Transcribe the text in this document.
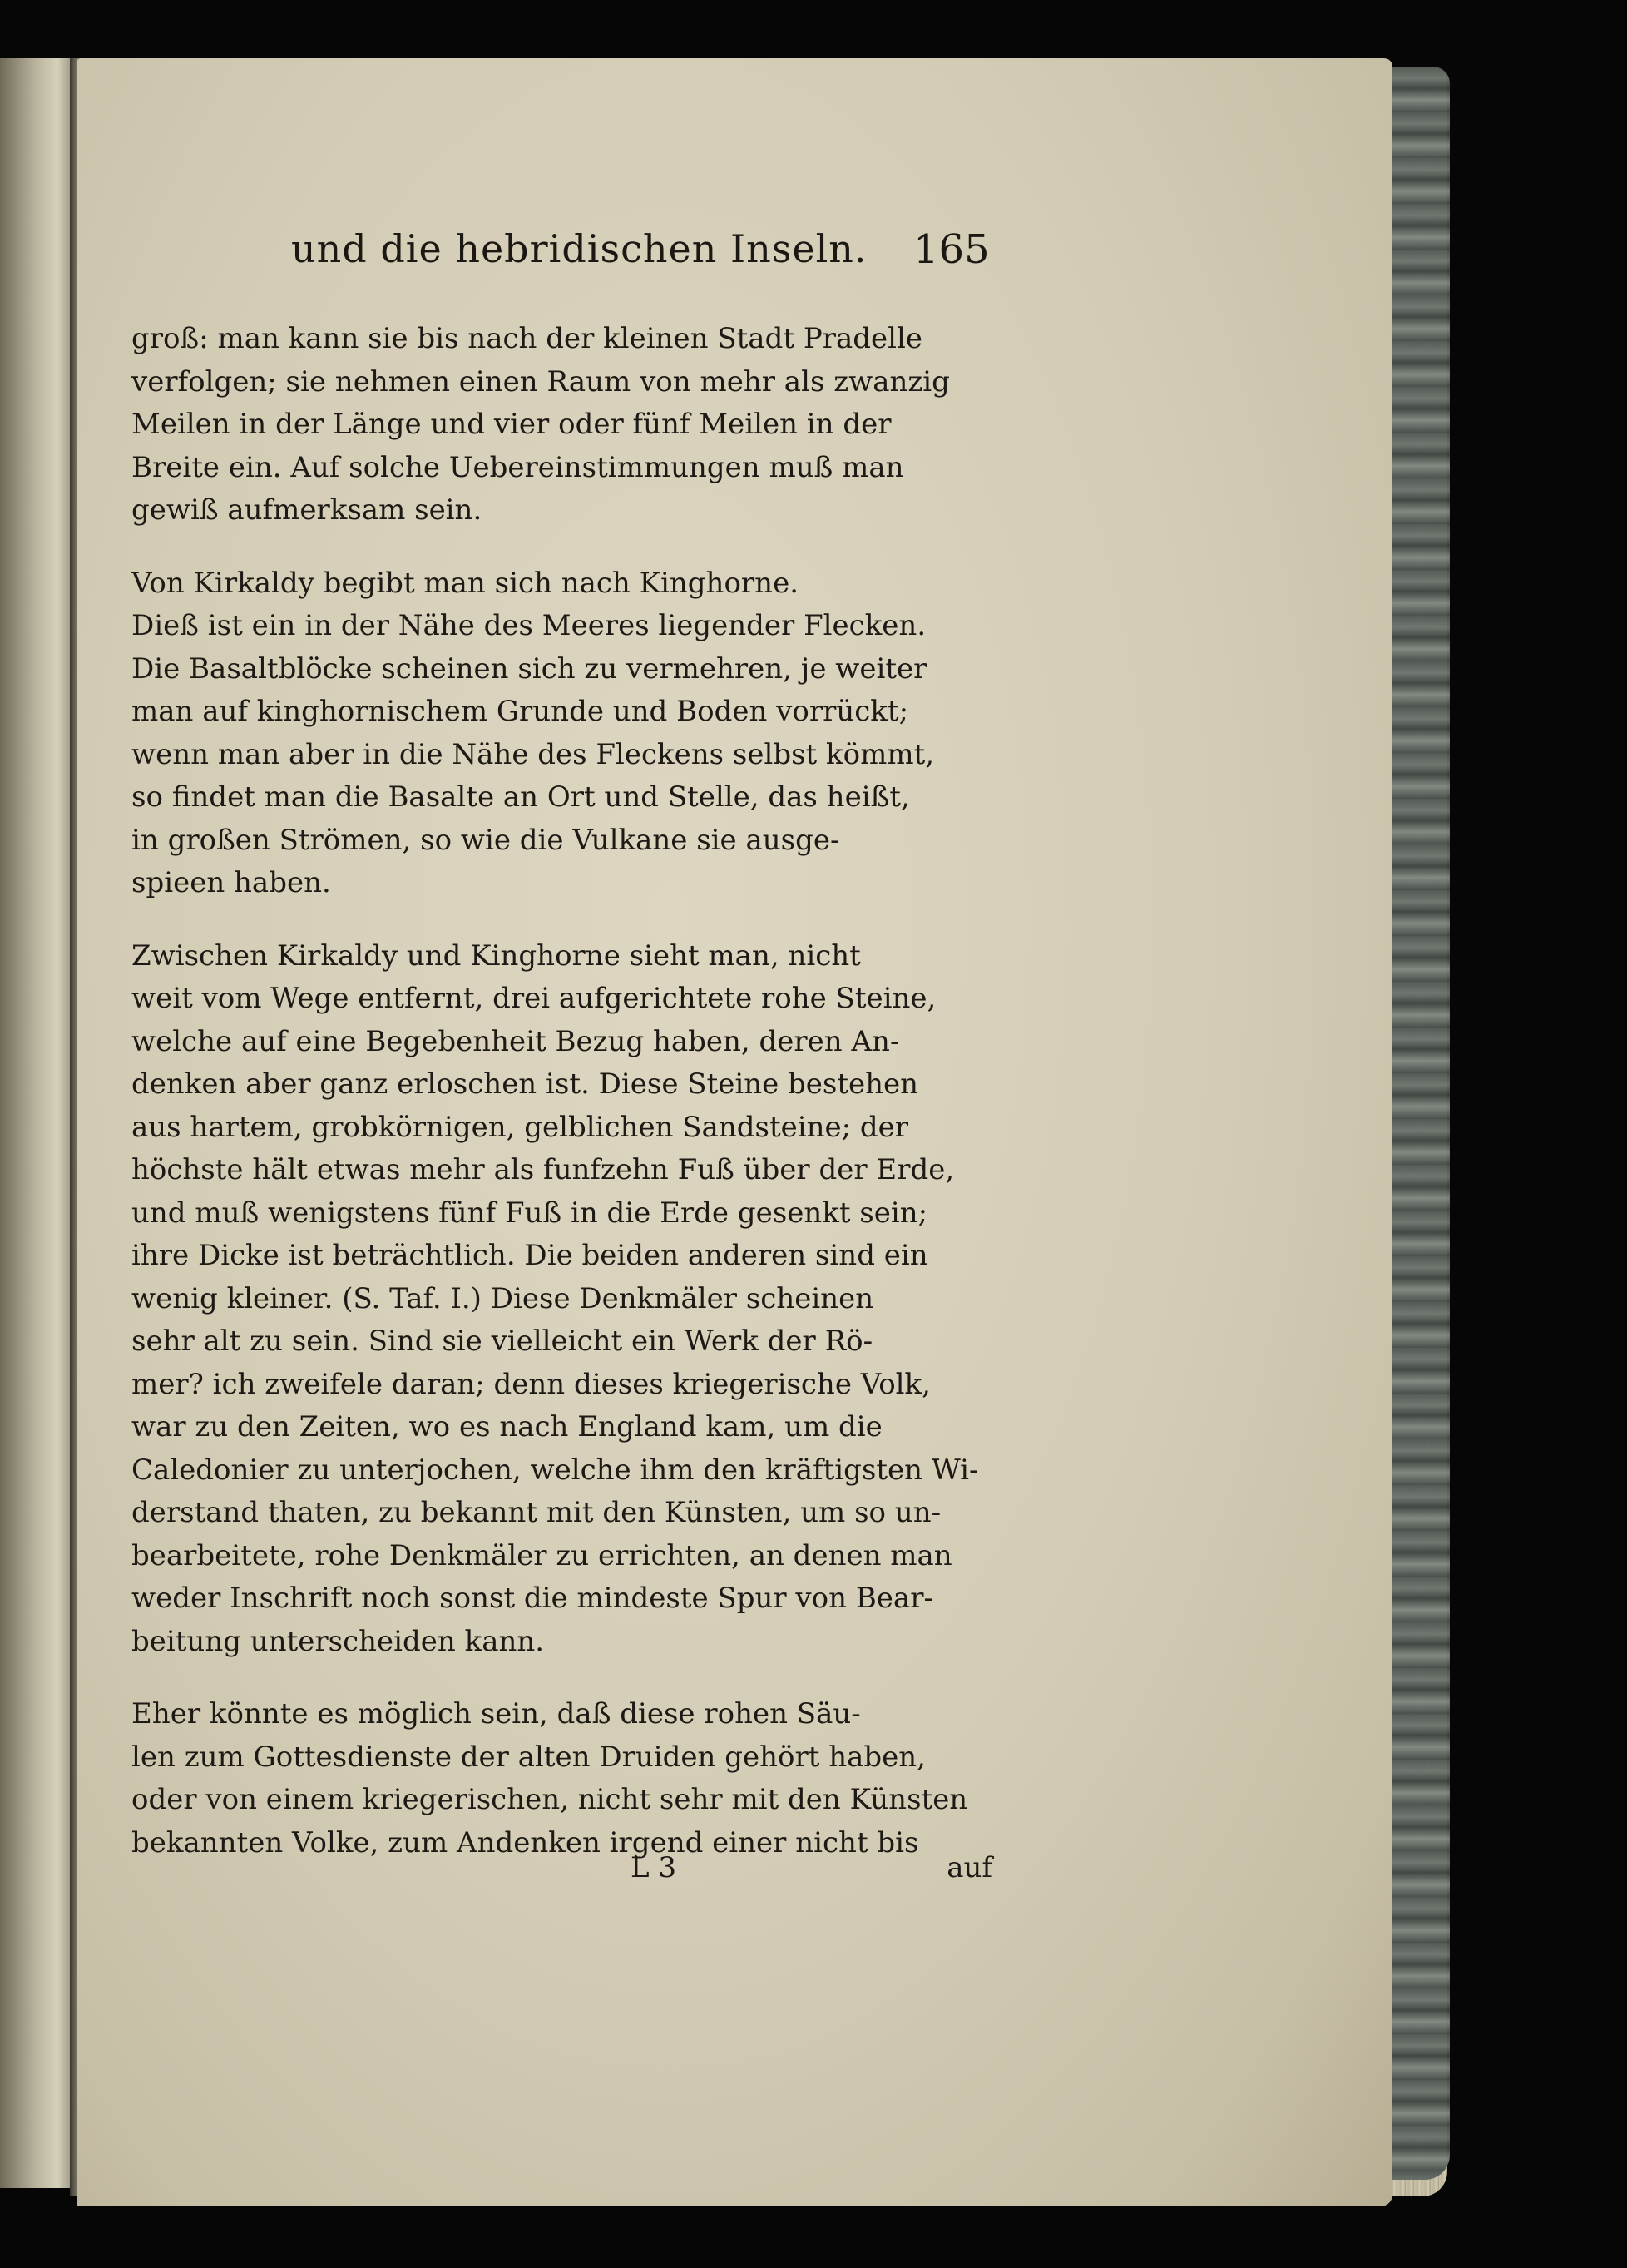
und die hebridischen Inseln.	165

groß: man kann sie bis nach der kleinen Stadt Pradelle

verfolgen; sie nehmen einen Raum von mehr als zwanzig

Meilen in der Länge und vier oder fünf Meilen in der

Breite ein. Auf solche Uebereinstimmungen muß man

gewiß aufmerksam sein.

Von Kirkaldy begibt man sich nach Kinghorne.

Dieß ist ein in der Nähe des Meeres liegender Flecken.

Die Basaltblöcke scheinen sich zu vermehren, je weiter

man auf kinghornischem Grunde und Boden vorrückt;

wenn man aber in die Nähe des Fleckens selbst kömmt,

so findet man die Basalte an Ort und Stelle, das heißt,

in großen Strömen, so wie die Vulkane sie ausge-

spieen haben.

Zwischen Kirkaldy und Kinghorne sieht man, nicht

weit vom Wege entfernt, drei aufgerichtete rohe Steine,

welche auf eine Begebenheit Bezug haben, deren An-

denken aber ganz erloschen ist. Diese Steine bestehen

aus hartem, grobkörnigen, gelblichen Sandsteine; der

höchste hält etwas mehr als funfzehn Fuß über der Erde,

und muß wenigstens fünf Fuß in die Erde gesenkt sein;

ihre Dicke ist beträchtlich. Die beiden anderen sind ein

wenig kleiner. (S. Taf. I.) Diese Denkmäler scheinen

sehr alt zu sein. Sind sie vielleicht ein Werk der Rö-

mer? ich zweifele daran; denn dieses kriegerische Volk,

war zu den Zeiten, wo es nach England kam, um die

Caledonier zu unterjochen, welche ihm den kräftigsten Wi-

derstand thaten, zu bekannt mit den Künsten, um so un-

bearbeitete, rohe Denkmäler zu errichten, an denen man

weder Inschrift noch sonst die mindeste Spur von Bear-

beitung unterscheiden kann.

Eher könnte es möglich sein, daß diese rohen Säu-

len zum Gottesdienste der alten Druiden gehört haben,

oder von einem kriegerischen, nicht sehr mit den Künsten

bekannten Volke, zum Andenken irgend einer nicht bis

L 3	auf
